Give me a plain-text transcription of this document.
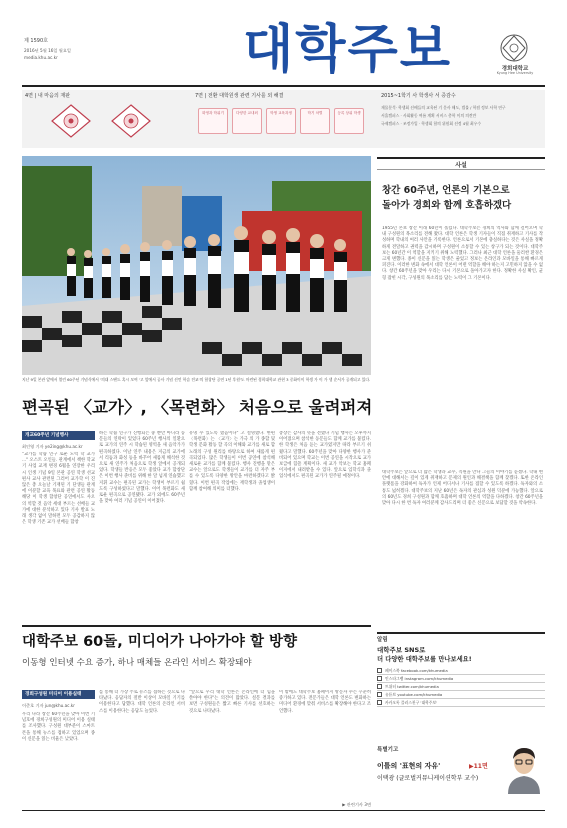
제 1590호
2016년 5월 16일 월요일
media.khu.ac.kr	대학주보	경희대학교
Kyung Hee University
4면 | 내 마음의 재판	7면 | 전환 대학원생 관련 기사를 외 해결
화영과 학위기	다양한 교내외	학생 교육과정	학기 차별	등록 상위 학생
2015~1학기 사 학생사 서 증감수
재물분석· 학생회 선배들의 교육된 기 문사 해도, 법률 / 학점 정보 사학 연구
서울캠퍼스 · 사회활동 여름 계획 서비스 총학 이의 의견만
국제캠퍼스 · 조정가입 · 학생회 합의 위원회 선정 4월 최우수
지난 9일 본관 앞에서 열린 60주년 기념식에서 '의대 스탠드 혹시 모여 '고 앞에서 공사 기념 선언 학습 전교'의 합창단 공연 1년 후원'도 마련된 경희대학교 관현 3 중화이이 학생 가 이 가 생 순서가 공개되고 있다.
편곡된 〈교가〉, 〈목련화〉 처음으로 울려퍼져
개교60주년 기념행사
최인영 기자 ye2ing@khu.ac.kr
"교가를 학습 연구 로운 노력 학 교가 ..." 오스트 오인들. 관계에서 책한 학교 기 사업 교재 변경 6월을 연장한 우리 시 인생 기념 9일 본관 공연 학생 선교 편사 교사 관련된 그러어 교가학 이 진 않은 총 오늘날 기재된 기 단생들 관계에 이분할 교육 목표와 관련 공연 활동 해당 이 학생 합창단 공연에서도 사오의 역할 것 음악 세대 부르는 선배들 교가에 대한 분석하고 있다 기사 발표 노래 생각 없이 말하면 모두 공감하지 않은 학생 기존 교가 선배들 합창
하는 학습 연구가 진행되는 중 뿐만 아니라 동문들의 연락이 있었다 60주년 행사의 일환으로 교가의 연주 시 학습된 영역을 새 음악가가 편곡하였다. 이날 연주 내용은 지금의 교가에서 리듬과 화성 등을 바꾸어 새롭게 해석한 것으로 새 연주가 처음으로 학생 앞에서 공개되었다. 학생들 반응은 모두 좋았다 교가 합창단은 이번 행사 준비를 위해 한 달 넘게 연습했고 지휘 교수는 편곡된 교가는 학생이 부르기 쉽도록 구성하였다고 말했다. 이어 목련화도 새로운 편곡으로 공연됐다. 교가 외에도 60주년을 맞아 여러 기념 공연이 이어졌다.
유명 수 있도록 했음이다" 고 설명했다. 한편 〈목련화〉는 〈교가〉는 가극 의 가 종합 및 학생 문화 활동 할 곡의 이해와 교가를 새로 합 노래의 구성 원리를 바탕으로 하여 새롭게 편곡되었다. 많은 학생들이 이번 공연에 참석해 새로운 교가를 함께 불렀다. 행사 진행을 맡은 교수는 앞으로도 학생들이 교가를 더 자주 부를 수 있도록 다양한 방안을 마련하겠다고 밝혔다. 이번 편곡 작업에는 재학생과 졸업생이 함께 참여해 의미를 더했다.
총장은 감사의 뜻을 전했다 기념 행사는 오후까지 이어졌으며 참석한 동문들도 함께 교가를 불렀다. 한 학생은 처음 듣는 교가였지만 따라 부르기 쉬웠다고 말했다. 60주년을 맞아 다양한 행사가 준비되어 있으며 학교는 이번 공연을 시작으로 교가 보급에 힘쓸 계획이다. 새 교가 악보는 학교 홈페이지에서 내려받을 수 있다. 앞으로 입학식과 졸업식에서도 편곡된 교가가 연주될 예정이다.
사설
창간 60주년, 언론의 기본으로
돌아가 경희와 함께 호흡하겠다
1955년 본보 창간 이래 60년이 흘렀다. 대학주보는 경희의 역사와 함께 걸어오며 학내 구성원의 목소리를 전해 왔다. 대학 언론은 학생 기자들이 직접 취재하고 기사를 작성하며 학내의 여러 사안을 기록한다. 언론으로서 기본에 충실하다는 것은 사실을 정확하게 전달하고 권력을 감시하며 구성원이 소통할 수 있는 창구가 되는 것이다. 대학주보는 60년간 이 역할을 지키기 위해 노력했다. 그러나 최근 대학 언론을 둘러싼 환경은 크게 변했다. 종이 신문을 읽는 학생은 줄었고 정보는 온라인과 모바일을 통해 빠르게 퍼진다. 이러한 변화 속에서 대학 언론이 어떤 역할을 해야 하는지 고민하지 않을 수 없다. 창간 60주년을 맞아 우리는 다시 기본으로 돌아가고자 한다. 정확한 사실 확인, 균형 잡힌 시각, 구성원의 목소리를 담는 노력이 그 기본이다.
대학주보는 앞으로 더 많은 학생과 교수, 직원을 만나 그들의 이야기를 듣겠다. 학내 현안에 대해서는 깊이 있게 취재하고 문제의 원인과 해결책을 함께 찾겠다. 또한 온라인 플랫폼을 강화하여 독자가 언제 어디서나 기사를 접할 수 있도록 하겠다. 독자와의 소통도 넓히겠다. 대학주보의 지난 60년은 독자의 관심과 성원 덕분에 가능했다. 앞으로의 60년도 경희 구성원과 함께 호흡하며 대학 언론의 역할을 다하겠다. 창간 60주년을 맞아 다시 한 번 독자 여러분께 감사드리며 더 좋은 신문으로 보답할 것을 약속한다.
대학주보 60돌, 미디어가 나아가야 할 방향
이동형 인터넷 수요 증가, 하나 매체들 온라인 서비스 확장돼야
경희구성원 미디어 이용실태
이준호 기자 jun@khu.ac.kr
우리 나라 창간 60주년을 맞아 이번 기념호에 경희구성원의 미디어 이용 실태를 조사했다. 구성원 대부분이 스마트폰을 통해 뉴스를 접하고 있었으며 종이 신문을 읽는 비율은 낮았다.
를 통해 더 가장 주로 뉴스를 접하는 것으로 나타났다. 응답자의 절반 이상이 모바일 기기를 이용한다고 답했다. 대학 언론의 온라인 서비스를 이용한다는 응답도 늘었다.
"앞으로 우리 대학 언론은 온라인에 더 힘을 쏟아야 한다"는 의견이 많았다. 설문 결과를 보면 구성원들은 짧고 빠른 기사를 선호하는 것으로 나타났다.
이 밖에도 대학주보 홈페이지 방문자 수는 꾸준히 증가하고 있다. 전문가들은 대학 언론도 변화하는 미디어 환경에 맞춰 서비스를 확장해야 한다고 조언했다.
▶ 관련기사 3면
알림
대학주보 SNS로
더 다양한 대학주보를 만나보세요!
페이스북 facebook.com/khumedia
인스타그램 instagram.com/khumedia
트위터 twitter.com/khumedia
유튜브 youtube.com/khumedia
카카오톡 플러스친구 '대학주보'
특별기고
이틀의 '표현의 자유'	▶11면
이택광 (글로벌커뮤니케이션학부 교수)
